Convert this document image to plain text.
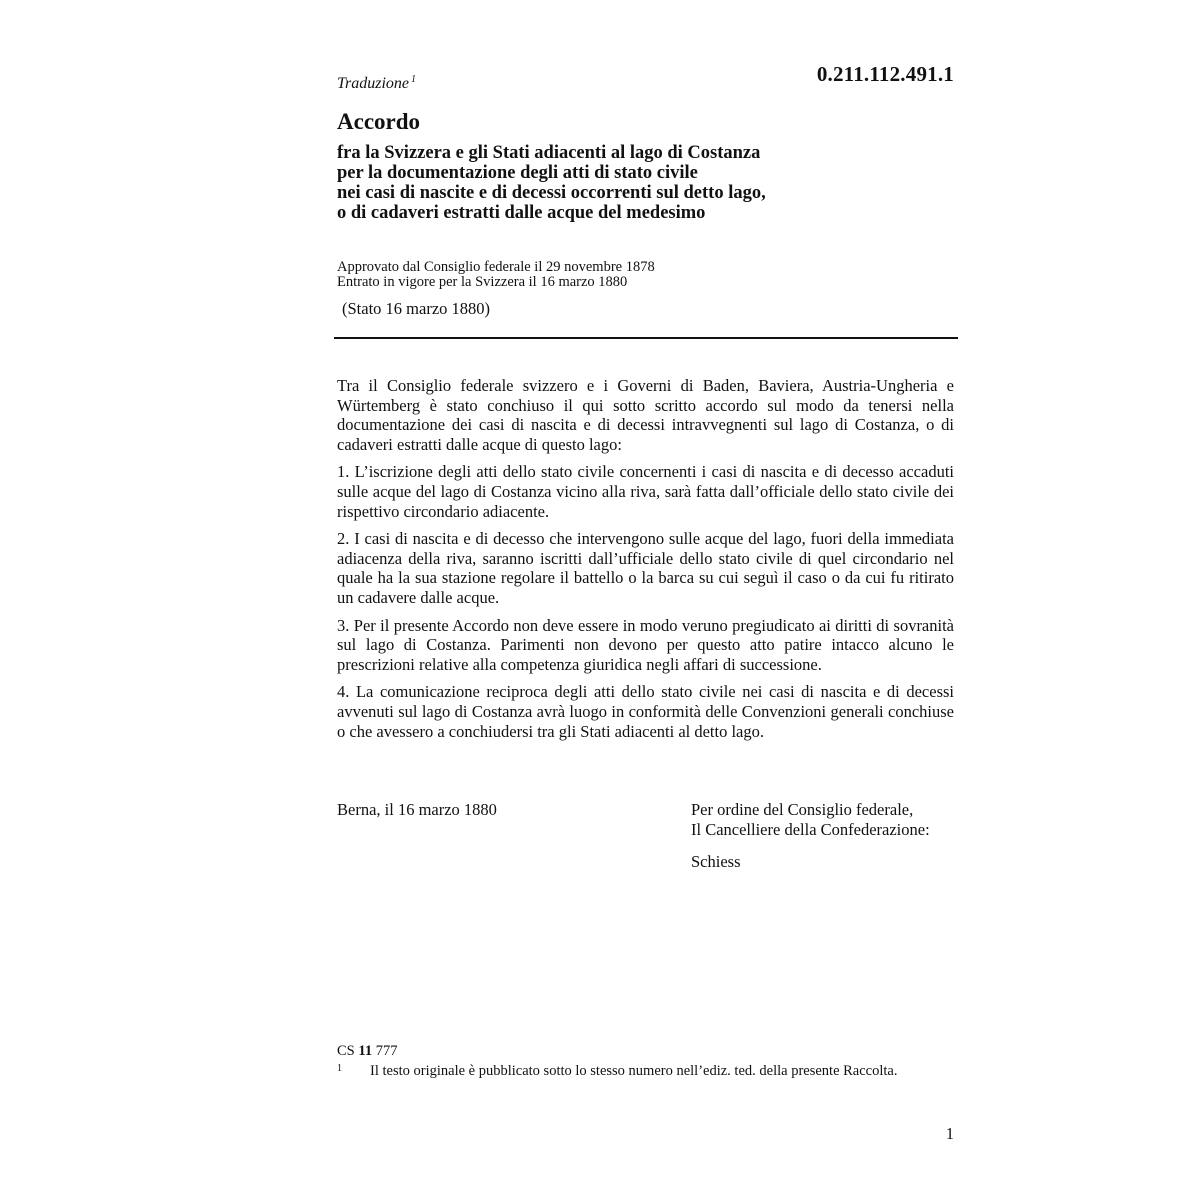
Traduzione $^1$	0.211.112.491.1
Accordo
fra la Svizzera e gli Stati adiacenti al lago di Costanza
per la documentazione degli atti di stato civile
nei casi di nascite e di decessi occorrenti sul detto lago,
o di cadaveri estratti dalle acque del medesimo
Approvato dal Consiglio federale il 29 novembre 1878
Entrato in vigore per la Svizzera il 16 marzo 1880
(Stato 16 marzo 1880)

Tra il Consiglio federale svizzero e i Governi di Baden, Baviera, Austria-Ungheria e Würtemberg è stato conchiuso il qui sotto scritto accordo sul modo da tenersi nella documentazione dei casi di nascita e di decessi intravvegnenti sul lago di Costanza, o di cadaveri estratti dalle acque di questo lago:

1. L’iscrizione degli atti dello stato civile concernenti i casi di nascita e di decesso accaduti sulle acque del lago di Costanza vicino alla riva, sarà fatta dall’officiale dello stato civile dei rispettivo circondario adiacente.

2. I casi di nascita e di decesso che intervengono sulle acque del lago, fuori della immediata adiacenza della riva, saranno iscritti dall’ufficiale dello stato civile di quel circondario nel quale ha la sua stazione regolare il battello o la barca su cui seguì il caso o da cui fu ritirato un cadavere dalle acque.

3. Per il presente Accordo non deve essere in modo veruno pregiudicato ai diritti di sovranità sul lago di Costanza. Parimenti non devono per questo atto patire intacco alcuno le prescrizioni relative alla competenza giuridica negli affari di successione.

4. La comunicazione reciproca degli atti dello stato civile nei casi di nascita e di decessi avvenuti sul lago di Costanza avrà luogo in conformità delle Convenzioni generali conchiuse o che avessero a conchiudersi tra gli Stati adiacenti al detto lago.

Berna, il 16 marzo 1880	Per ordine del Consiglio federale,
Il Cancelliere della Confederazione:
Schiess
CS 11 777
1 Il testo originale è pubblicato sotto lo stesso numero nell’ediz. ted. della presente Raccolta.
1
